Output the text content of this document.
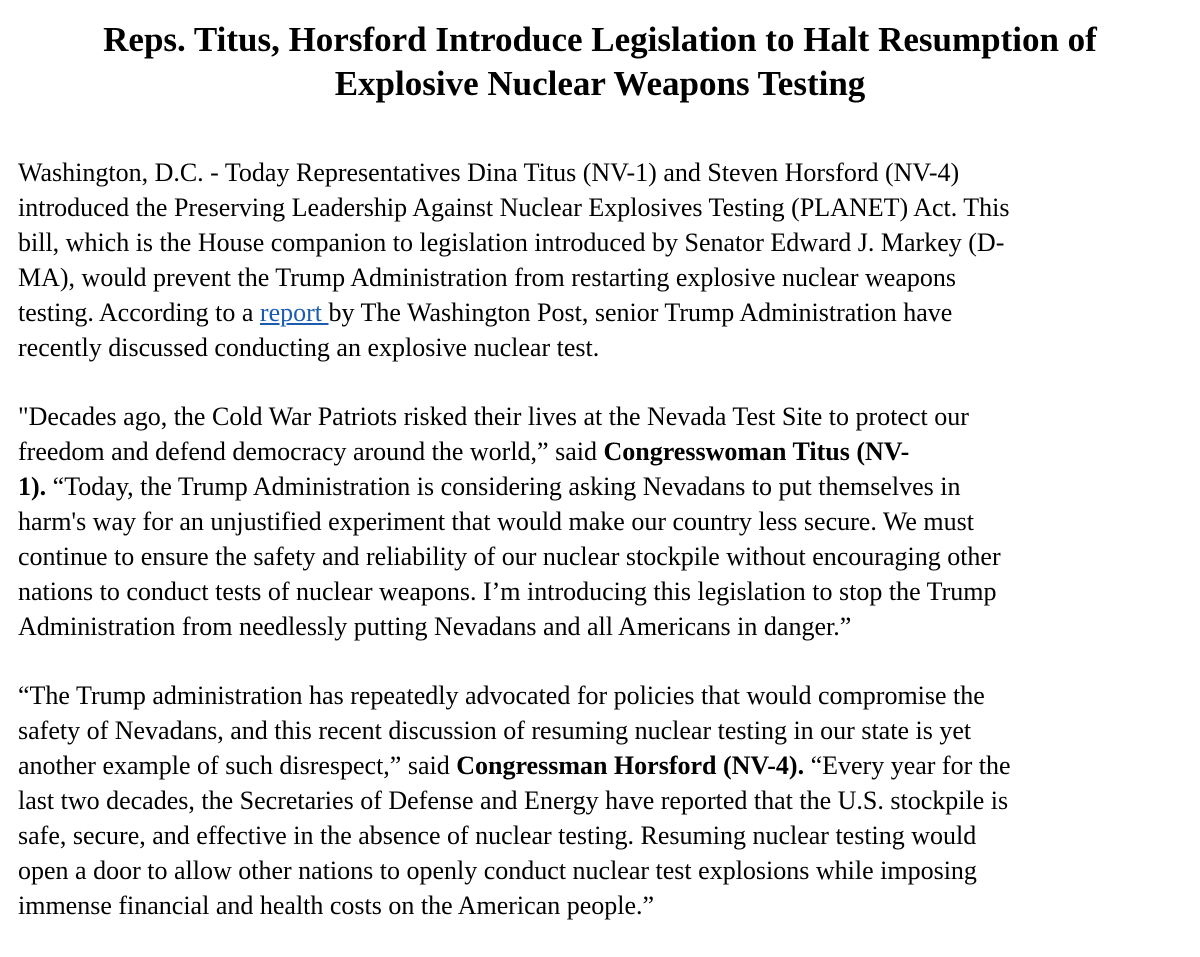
Reps. Titus, Horsford Introduce Legislation to Halt Resumption of
Explosive Nuclear Weapons Testing

Washington, D.C. - Today Representatives Dina Titus (NV-1) and Steven Horsford (NV-4)

introduced the Preserving Leadership Against Nuclear Explosives Testing (PLANET) Act. This

bill, which is the House companion to legislation introduced by Senator Edward J. Markey (D-

MA), would prevent the Trump Administration from restarting explosive nuclear weapons

testing. According to a report by The Washington Post, senior Trump Administration have

recently discussed conducting an explosive nuclear test.

"Decades ago, the Cold War Patriots risked their lives at the Nevada Test Site to protect our

freedom and defend democracy around the world,” said Congresswoman Titus (NV-

1). “Today, the Trump Administration is considering asking Nevadans to put themselves in

harm's way for an unjustified experiment that would make our country less secure. We must

continue to ensure the safety and reliability of our nuclear stockpile without encouraging other

nations to conduct tests of nuclear weapons. I’m introducing this legislation to stop the Trump

Administration from needlessly putting Nevadans and all Americans in danger.”

“The Trump administration has repeatedly advocated for policies that would compromise the

safety of Nevadans, and this recent discussion of resuming nuclear testing in our state is yet

another example of such disrespect,” said Congressman Horsford (NV-4). “Every year for the

last two decades, the Secretaries of Defense and Energy have reported that the U.S. stockpile is

safe, secure, and effective in the absence of nuclear testing. Resuming nuclear testing would

open a door to allow other nations to openly conduct nuclear test explosions while imposing

immense financial and health costs on the American people.”
